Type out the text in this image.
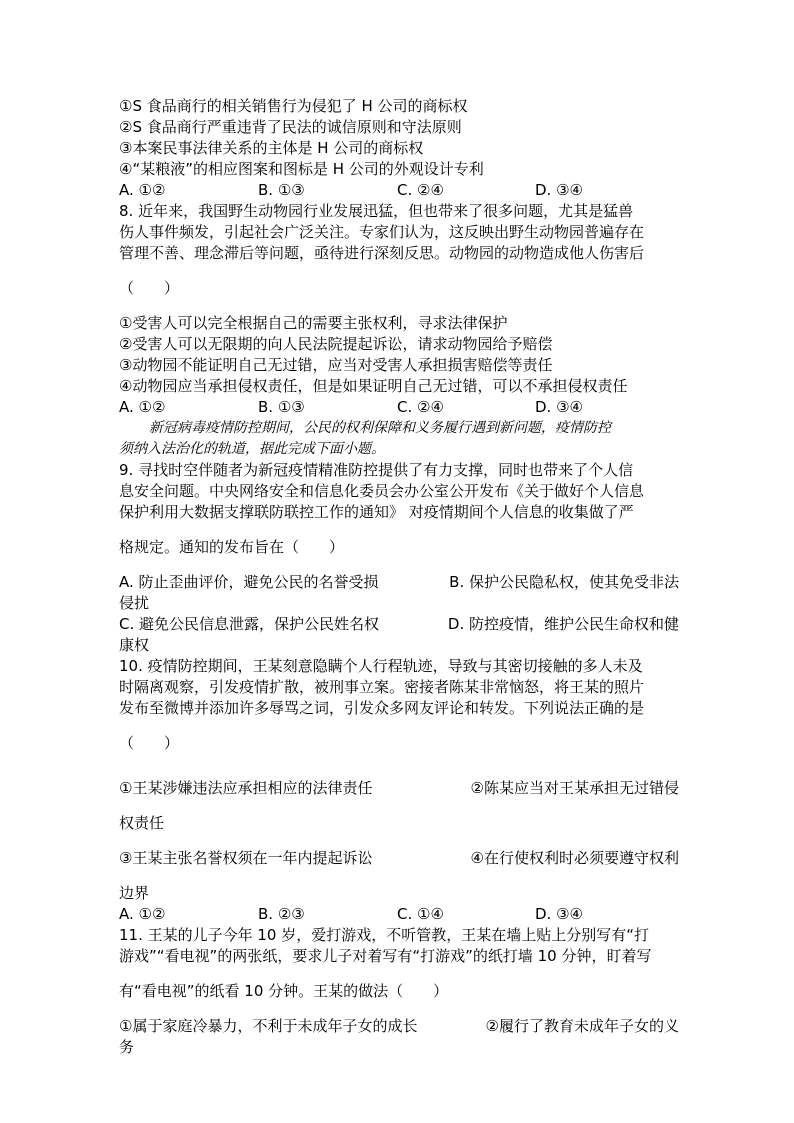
①S 食品商行的相关销售行为侵犯了 H 公司的商标权
②S 食品商行严重违背了民法的诚信原则和守法原则
③本案民事法律关系的主体是 H 公司的商标权
④“某粮液”的相应图案和图标是 H 公司的外观设计专利
A. ①②	B. ①③	C. ②④	D. ③④
8. 近年来，我国野生动物园行业发展迅猛，但也带来了很多问题，尤其是猛兽
伤人事件频发，引起社会广泛关注。专家们认为，这反映出野生动物园普遍存在
管理不善、理念滞后等问题，亟待进行深刻反思。动物园的动物造成他人伤害后
（　　）
①受害人可以完全根据自己的需要主张权利，寻求法律保护
②受害人可以无限期的向人民法院提起诉讼，请求动物园给予赔偿
③动物园不能证明自己无过错，应当对受害人承担损害赔偿等责任
④动物园应当承担侵权责任，但是如果证明自己无过错，可以不承担侵权责任
A. ①②	B. ①③	C. ②④	D. ③④
新冠病毒疫情防控期间，公民的权利保障和义务履行遇到新问题，疫情防控
须纳入法治化的轨道，据此完成下面小题。
9. 寻找时空伴随者为新冠疫情精准防控提供了有力支撑，同时也带来了个人信
息安全问题。中央网络安全和信息化委员会办公室公开发布《关于做好个人信息
保护利用大数据支撑联防联控工作的通知》 对疫情期间个人信息的收集做了严
格规定。通知的发布旨在（　　）
A. 防止歪曲评价，避免公民的名誉受损	B. 保护公民隐私权，使其免受非法
侵扰
C. 避免公民信息泄露，保护公民姓名权	D. 防控疫情，维护公民生命权和健
康权
10. 疫情防控期间，王某刻意隐瞒个人行程轨迹，导致与其密切接触的多人未及
时隔离观察，引发疫情扩散，被刑事立案。密接者陈某非常恼怒，将王某的照片
发布至微博并添加许多辱骂之词，引发众多网友评论和转发。下列说法正确的是
（　　）
①王某涉嫌违法应承担相应的法律责任	②陈某应当对王某承担无过错侵
权责任
③王某主张名誉权须在一年内提起诉讼	④在行使权利时必须要遵守权利
边界
A. ①②	B. ②③	C. ①④	D. ③④
11. 王某的儿子今年 10 岁，爱打游戏，不听管教，王某在墙上贴上分别写有“打
游戏”“看电视”的两张纸，要求儿子对着写有“打游戏”的纸打墙 10 分钟，盯着写
有“看电视”的纸看 10 分钟。王某的做法（　　）
①属于家庭冷暴力，不利于未成年子女的成长	②履行了教育未成年子女的义
务
